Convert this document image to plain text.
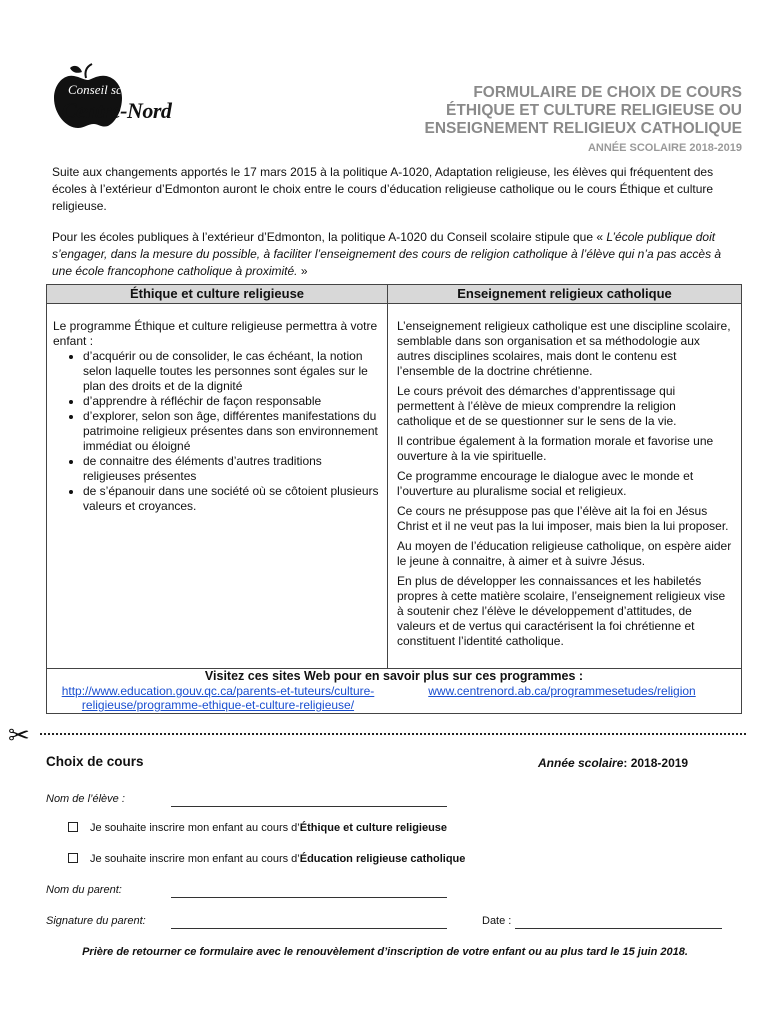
Conseil scolaire
Centre-Nord
FORMULAIRE DE CHOIX DE COURS
ÉTHIQUE ET CULTURE RELIGIEUSE OU
ENSEIGNEMENT RELIGIEUX CATHOLIQUE
ANNÉE SCOLAIRE 2018-2019
Suite aux changements apportés le 17 mars 2015 à la politique A-1020, Adaptation religieuse, les élèves qui fréquentent des écoles à l’extérieur d’Edmonton auront le choix entre le cours d’éducation religieuse catholique ou le cours Éthique et culture religieuse.
Pour les écoles publiques à l’extérieur d’Edmonton, la politique A-1020 du Conseil scolaire stipule que « L’école publique doit s’engager, dans la mesure du possible, à faciliter l’enseignement des cours de religion catholique à l’élève qui n’a pas accès à une école francophone catholique à proximité. »
Éthique et culture religieuse	Enseignement religieux catholique
Le programme Éthique et culture religieuse permettra à votre enfant :
• d’acquérir ou de consolider, le cas échéant, la notion selon laquelle toutes les personnes sont égales sur le plan des droits et de la dignité
• d’apprendre à réfléchir de façon responsable
• d’explorer, selon son âge, différentes manifestations du patrimoine religieux présentes dans son environnement immédiat ou éloigné
• de connaitre des éléments d’autres traditions religieuses présentes
• de s’épanouir dans une société où se côtoient plusieurs valeurs et croyances.

L’enseignement religieux catholique est une discipline scolaire, semblable dans son organisation et sa méthodologie aux autres disciplines scolaires, mais dont le contenu est l’ensemble de la doctrine chrétienne.

Le cours prévoit des démarches d’apprentissage qui permettent à l’élève de mieux comprendre la religion catholique et de se questionner sur le sens de la vie.

Il contribue également à la formation morale et favorise une ouverture à la vie spirituelle.

Ce programme encourage le dialogue avec le monde et l’ouverture au pluralisme social et religieux.

Ce cours ne présuppose pas que l’élève ait la foi en Jésus Christ et il ne veut pas la lui imposer, mais bien la lui proposer.

Au moyen de l’éducation religieuse catholique, on espère aider le jeune à connaitre, à aimer et à suivre Jésus.

En plus de développer les connaissances et les habiletés propres à cette matière scolaire, l’enseignement religieux vise à soutenir chez l’élève le développement d’attitudes, de valeurs et de vertus qui caractérisent la foi chrétienne et constituent l’identité catholique.

Visitez ces sites Web pour en savoir plus sur ces programmes :
http://www.education.gouv.qc.ca/parents-et-tuteurs/culture-religieuse/programme-ethique-et-culture-religieuse/
www.centrenord.ab.ca/programmesetudes/religion
✂
Choix de cours	Année scolaire: 2018-2019
Nom de l’élève :
Je souhaite inscrire mon enfant au cours d’Éthique et culture religieuse
Je souhaite inscrire mon enfant au cours d’Éducation religieuse catholique
Nom du parent:
Signature du parent:	Date :
Prière de retourner ce formulaire avec le renouvèlement d’inscription de votre enfant ou au plus tard le 15 juin 2018.
